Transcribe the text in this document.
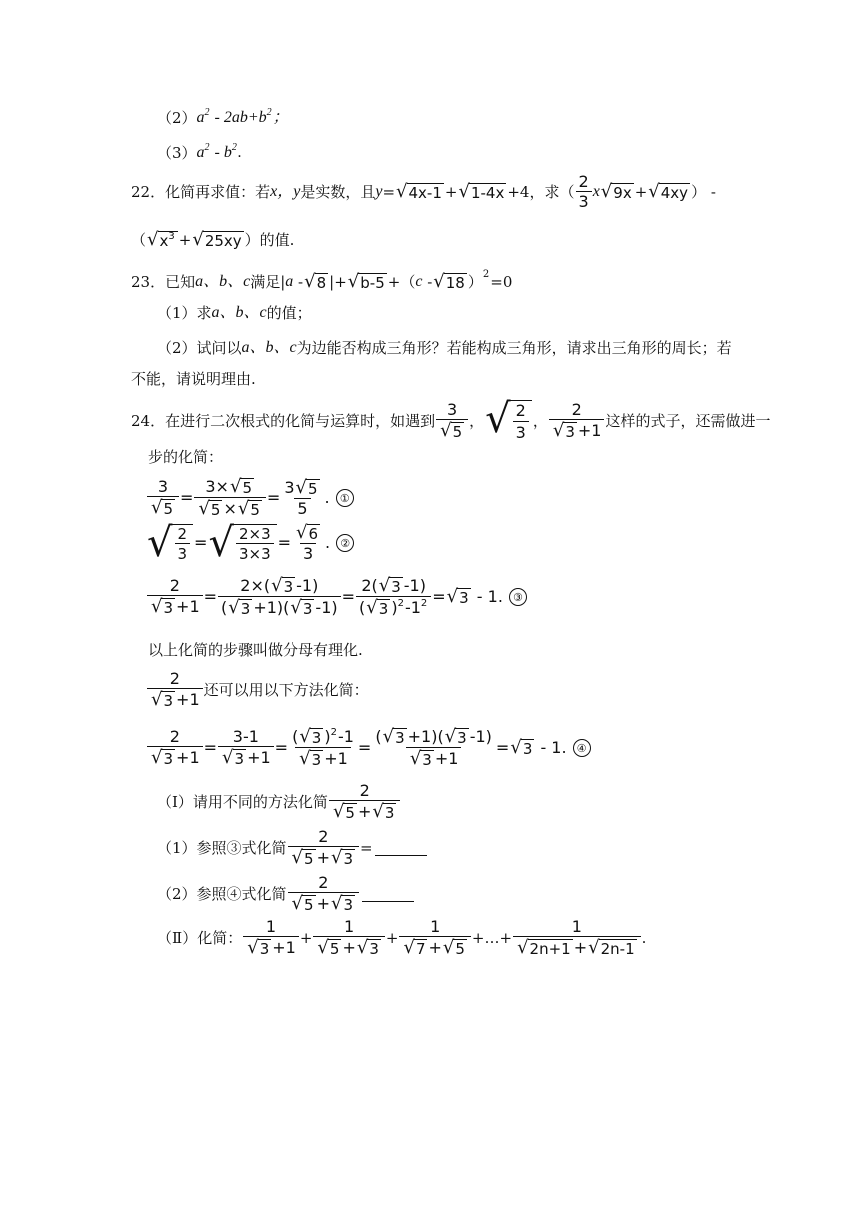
（2） $a^2 - 2ab+b^2$；
（3） $a^2 - b^2$.
22． 化简再求值：若 x，y 是实数，且 y = √ 4x-1 + √ 1-4x +4 ，求（ $\frac{2}{3}$ x √ 9x + √ 4xy ） -
（ √ $x^3$ + √ 25xy ）的值.
23． 已知 a、b、c 满足| a - √ 8 |+ √ b-5 +（ c - √ 18 ） 2 =0
（1）求 a、b、c 的值；
（2）试问以 a、b、c 为边能否构成三角形？若能构成三角形，请求出三角形的周长；若
不能，请说明理由.
24． 在进行二次根式的化简与运算时，如遇到 $\frac{3}{√ 5}$ ， √ $\frac{2}{3}$ ， $\frac{2}{√ 3 +1}$ 这样的式子，还需做进一
步的化简：
$\frac{3}{√ 5} = \frac{3\times √ 5}{√ 5 \times √ 5} = \frac{3 √ 5}{5}$ . ①
√ $\frac{2}{3}$ = √ $\frac{2\times 3}{3\times 3} = \frac{√ 6}{3}$ . ②
$\frac{2}{√ 3 +1} = \frac{2\times( √ 3 -1)}{( √ 3 +1)( √ 3 -1)} = \frac{2( √ 3 -1)}{( √ 3 )^2-1^2}$ = √ 3 - 1. ③
以上化简的步骤叫做分母有理化.
$\frac{2}{√ 3 +1}$ 还可以用以下方法化简：
$\frac{2}{√ 3 +1} = \frac{3-1}{√ 3 +1} = \frac{( √ 3 )^2-1}{√ 3 +1} = \frac{( √ 3 +1)( √ 3 -1)}{√ 3 +1}$ = √ 3 - 1. ④
（Ⅰ）请用不同的方法化简 $\frac{2}{√ 5 + √ 3}$
（1）参照③式化简 $\frac{2}{√ 5 + √ 3}$ =
（2）参照④式化简 $\frac{2}{√ 5 + √ 3}$
（Ⅱ）化简： $\frac{1}{√ 3 +1} + \frac{1}{√ 5 + √ 3} + \frac{1}{√ 7 + √ 5}$ +…+ $\frac{1}{√ 2n+1 + √ 2n-1}$ .
